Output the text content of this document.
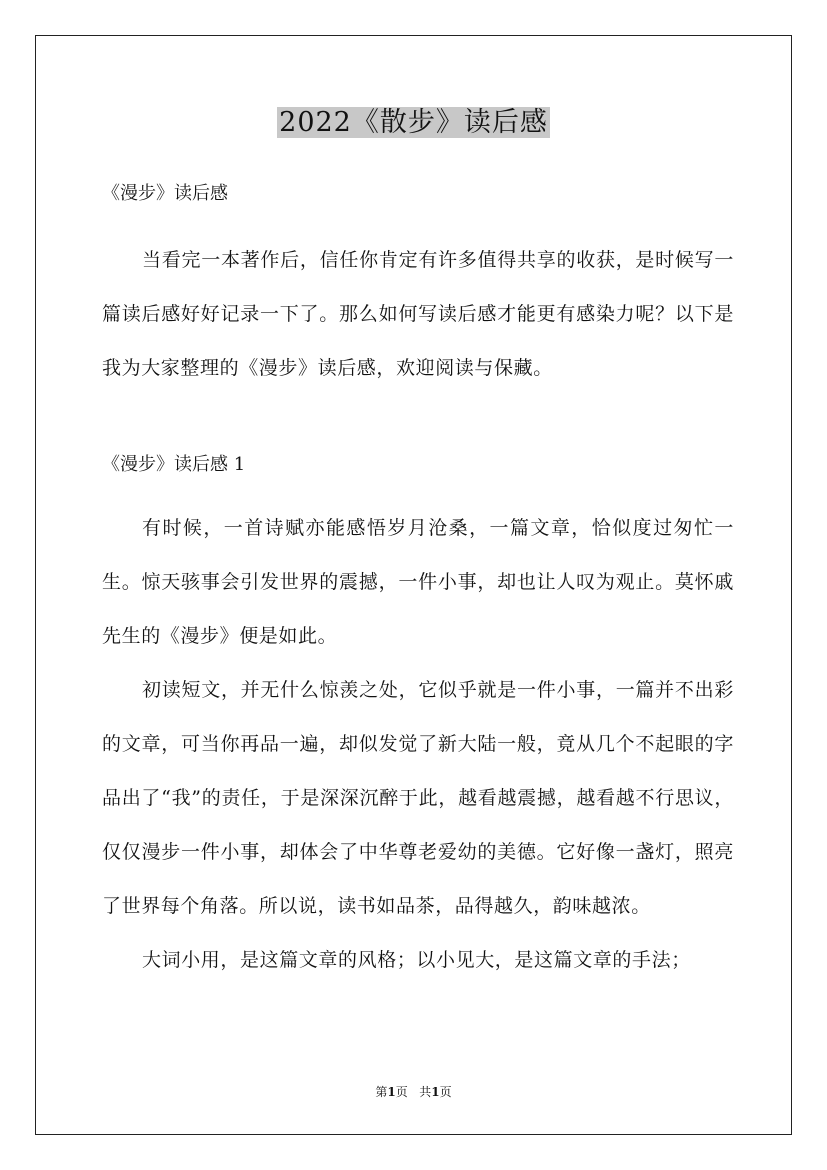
2022《散步》读后感

《漫步》读后感

当看完一本著作后，信任你肯定有许多值得共享的收获，是时候写一篇读后感好好记录一下了。那么如何写读后感才能更有感染力呢？以下是我为大家整理的《漫步》读后感，欢迎阅读与保藏。

《漫步》读后感 1

有时候，一首诗赋亦能感悟岁月沧桑，一篇文章，恰似度过匆忙一生。惊天骇事会引发世界的震撼，一件小事，却也让人叹为观止。莫怀戚先生的《漫步》便是如此。

初读短文，并无什么惊羡之处，它似乎就是一件小事，一篇并不出彩的文章，可当你再品一遍，却似发觉了新大陆一般，竟从几个不起眼的字品出了“我”的责任，于是深深沉醉于此，越看越震撼，越看越不行思议，仅仅漫步一件小事，却体会了中华尊老爱幼的美德。它好像一盏灯，照亮了世界每个角落。所以说，读书如品茶，品得越久，韵味越浓。

大词小用，是这篇文章的风格；以小见大，是这篇文章的手法；

第1页   共1页
